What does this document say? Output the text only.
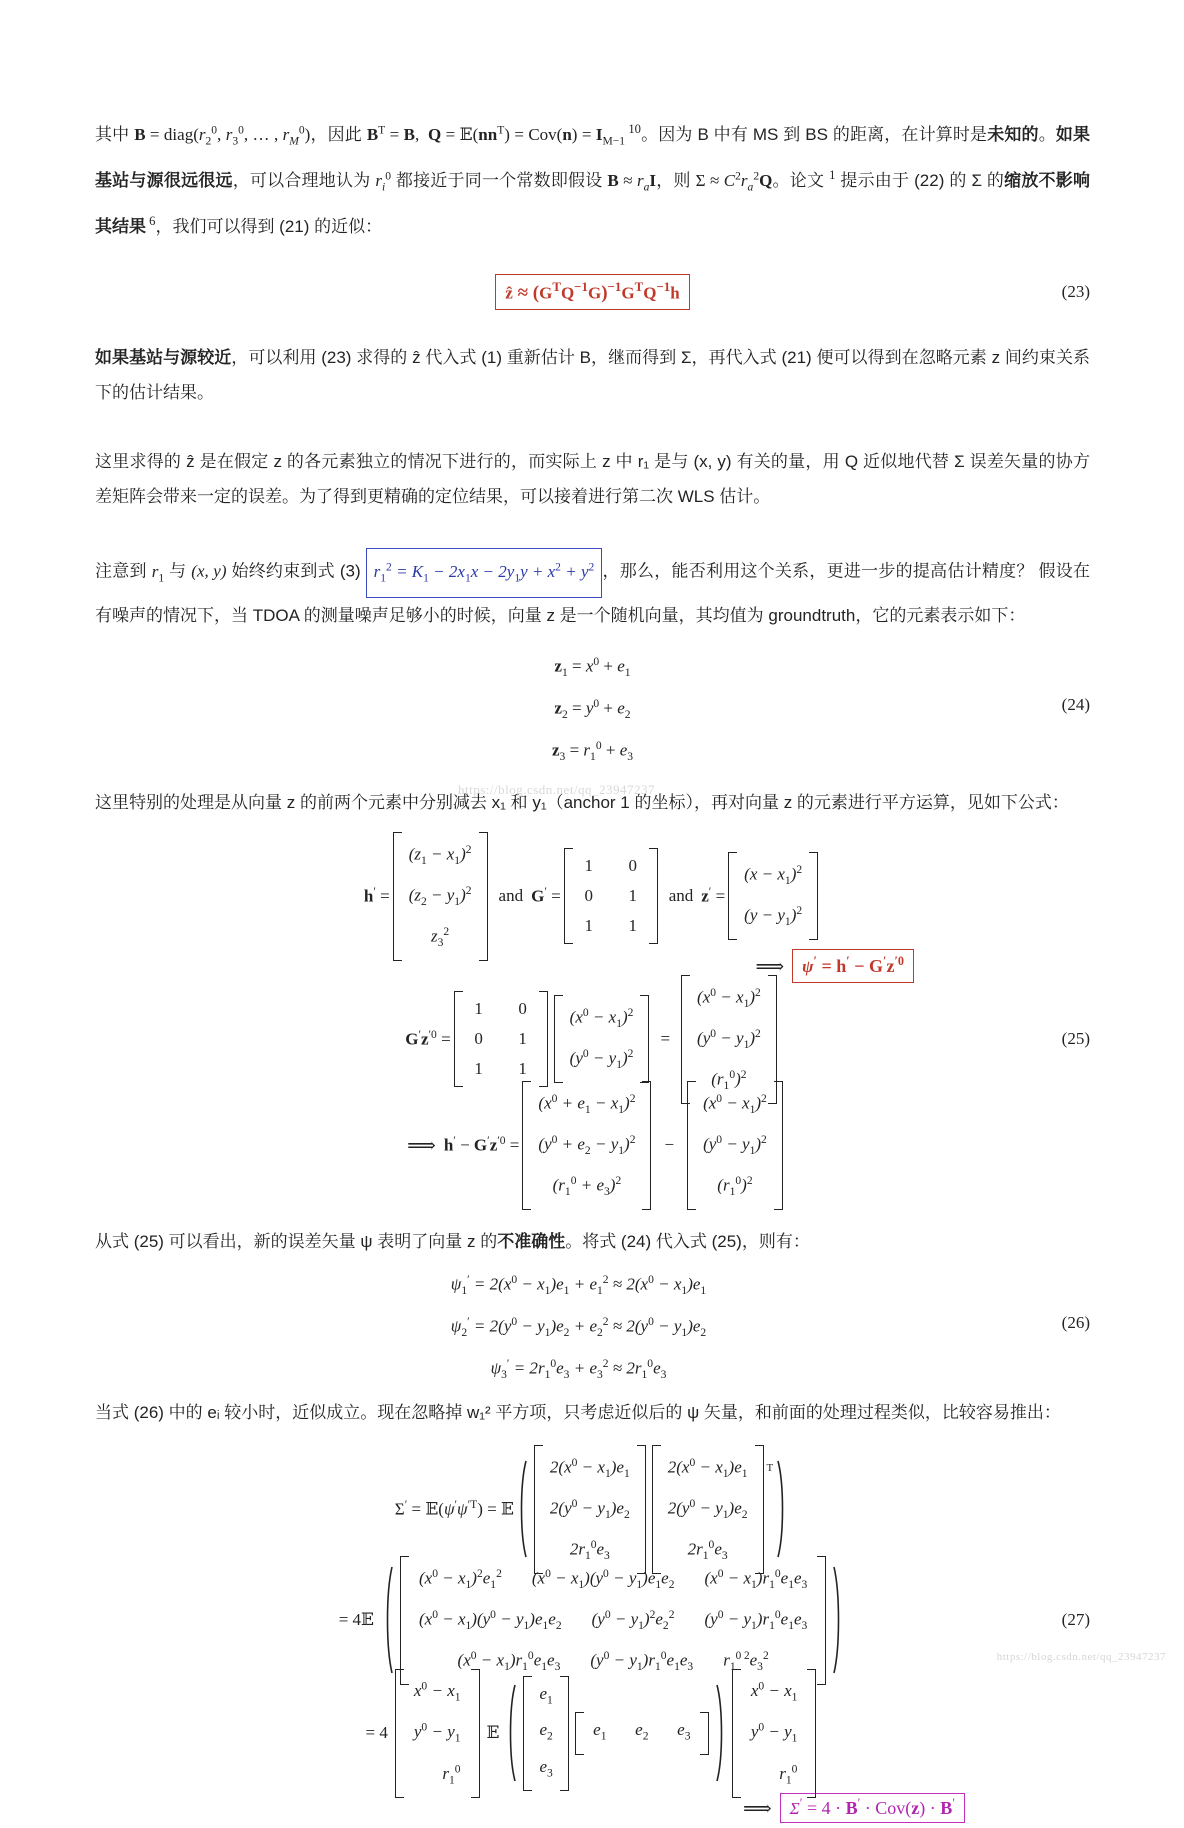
其中 $B = diag(r_2^0$, $r_3^0$, … , $r_M^0$)，因此 $B^T = B$,  $Q = 𝔼(nn^T) = Cov(n) = I_{M-1}$ $^{10}$。因为 B 中有 MS 到 BS 的距离，在计算时是未知的。如果基站与源很远很远，可以合理地认为 $r_i^0$ 都接近于同一个常数即假设 $B \approx r_aI$，则 $\Sigma \approx C^2r_a^2Q$。论文 $^1$ 提示由于 (22) 的 Σ 的缩放不影响其结果 $^6$，我们可以得到 (21) 的近似：

ẑ ≈ $(G^TQ^{-1}G)^{-1}G^TQ^{-1}h$	(23)

如果基站与源较近，可以利用 (23) 求得的 ẑ 代入式 (1) 重新估计 B，继而得到 Σ，再代入式 (21) 便可以得到在忽略元素 z 间约束关系下的估计结果。

这里求得的 ẑ 是在假定 z 的各元素独立的情况下进行的，而实际上 z 中 r₁ 是与 (x, y) 有关的量，用 Q 近似地代替 Σ 误差矢量的协方差矩阵会带来一定的误差。为了得到更精确的定位结果，可以接着进行第二次 WLS 估计。

注意到 $r_1$ 与 (x, y) 始终约束到式 (3) $r_1^2 = K_1 - 2x_1x - 2y_1y + x^2 + y^2$ ，那么，能否利用这个关系，更进一步的提高估计精度？ 假设在有噪声的情况下，当 TDOA 的测量噪声足够小的时候，向量 z 是一个随机向量，其均值为 groundtruth，它的元素表示如下：

$z_1 = x^0 + e_1$
$z_2 = y^0 + e_2$
$z_3 = r_1^0 + e_3$
(24)

这里特别的处理是从向量 z 的前两个元素中分别减去 x₁ 和 y₁（anchor 1 的坐标），再对向量 z 的元素进行平方运算，见如下公式：

h′ =
$(z_1 - x_1)^2$
$(z_2 - y_1)^2$
$z_3^2$
and G′ =
1 0
0 1
1 1
and z′ =
$(x - x_1)^2$
$(y - y_1)^2$
⟹	$\psi' = h' - G'z^{'0}$
$G'z^{'0}$ =
1 0
0 1
1 1
$(x^0 - x_1)^2$
$(y^0 - y_1)^2$
=
$(x^0 - x_1)^2$
$(y^0 - y_1)^2$
$(r_1^0)^2$
(25)
⟹ $h' - G'z^{'0}$ =
$(x^0 + e_1 - x_1)^2$
$(y^0 + e_2 - y_1)^2$
$(r_1^0 + e_3)^2$
−
$(x^0 - x_1)^2$
$(y^0 - y_1)^2$
$(r_1^0)^2$

从式 (25) 可以看出，新的误差矢量 ψ 表明了向量 z 的不准确性。将式 (24) 代入式 (25)，则有：

$\psi_1' = 2(x^0 - x_1)e_1 + e_1^2 \approx 2(x^0 - x_1)e_1$
$\psi_2' = 2(y^0 - y_1)e_2 + e_2^2 \approx 2(y^0 - y_1)e_2$
$\psi_3' = 2r_1^0e_3 + e_3^2 \approx 2r_1^0e_3$
(26)

当式 (26) 中的 eᵢ 较小时，近似成立。现在忽略掉 w₁² 平方项，只考虑近似后的 ψ 矢量，和前面的处理过程类似，比较容易推出：

$\Sigma' = 𝔼(\psi'\psi^{'T})$ = 𝔼
$2(x^0 - x_1)e_1$
$2(y^0 - y_1)e_2$
$2r_1^0e_3$
$2(x^0 - x_1)e_1$
$2(y^0 - y_1)e_2$
$2r_1^0e_3$
T
= 4𝔼
$(x^0 - x_1)^2e_1^2$ $(x^0 - x_1)(y^0 - y_1)e_1e_2$ $(x^0 - x_1)r_1^0e_1e_3$
$(x^0 - x_1)(y^0 - y_1)e_1e_2$ $(y^0 - y_1)^2e_2^2$ $(y^0 - y_1)r_1^0e_1e_3$
$(x^0 - x_1)r_1^0e_1e_3$ $(y^0 - y_1)r_1^0e_1e_3$ $r_1^{0 2}e_3^2$
(27)
= 4
$x^0 - x_1$
$y^0 - y_1$
$r_1^0$
𝔼
$e_1$
$e_2$
$e_3$
$e_1$ $e_2$ $e_3$
$x^0 - x_1$
$y^0 - y_1$
$r_1^0$
⟹	Σ′ = 4 · B′ · Cov(z) · B′
https://blog.csdn.net/qq_23947237
https://blog.csdn.net/qq_23947237
